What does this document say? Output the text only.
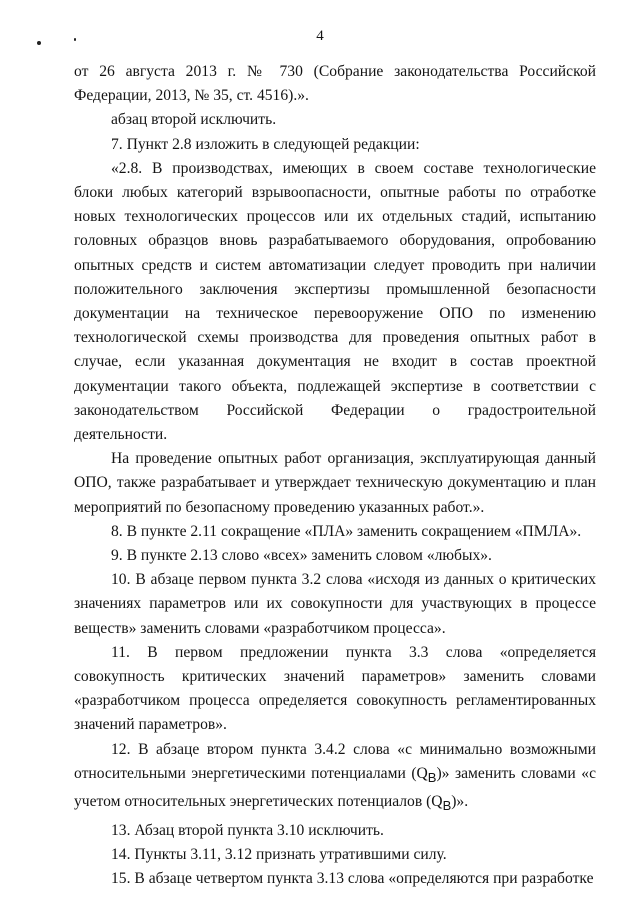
4

от 26 августа 2013 г. № 730 (Собрание законодательства Российской Федерации, 2013, № 35, ст. 4516).».

абзац второй исключить.

7. Пункт 2.8 изложить в следующей редакции:

«2.8. В производствах, имеющих в своем составе технологические блоки любых категорий взрывоопасности, опытные работы по отработке новых технологических процессов или их отдельных стадий, испытанию головных образцов вновь разрабатываемого оборудования, опробованию опытных средств и систем автоматизации следует проводить при наличии положительного заключения экспертизы промышленной безопасности документации на техническое перевооружение ОПО по изменению технологической схемы производства для проведения опытных работ в случае, если указанная документация не входит в состав проектной документации такого объекта, подлежащей экспертизе в соответствии с законодательством Российской Федерации о градостроительной деятельности.

На проведение опытных работ организация, эксплуатирующая данный ОПО, также разрабатывает и утверждает техническую документацию и план мероприятий по безопасному проведению указанных работ.».

8. В пункте 2.11 сокращение «ПЛА» заменить сокращением «ПМЛА».

9. В пункте 2.13 слово «всех» заменить словом «любых».

10. В абзаце первом пункта 3.2 слова «исходя из данных о критических значениях параметров или их совокупности для участвующих в процессе веществ» заменить словами «разработчиком процесса».

11. В первом предложении пункта 3.3 слова «определяется совокупность критических значений параметров» заменить словами «разработчиком процесса определяется совокупность регламентированных значений параметров».

12. В абзаце втором пункта 3.4.2 слова «с минимально возможными относительными энергетическими потенциалами $(Q_B)$» заменить словами «с учетом относительных энергетических потенциалов $(Q_B)$».

13. Абзац второй пункта 3.10 исключить.

14. Пункты 3.11, 3.12 признать утратившими силу.

15. В абзаце четвертом пункта 3.13 слова «определяются при разработке
